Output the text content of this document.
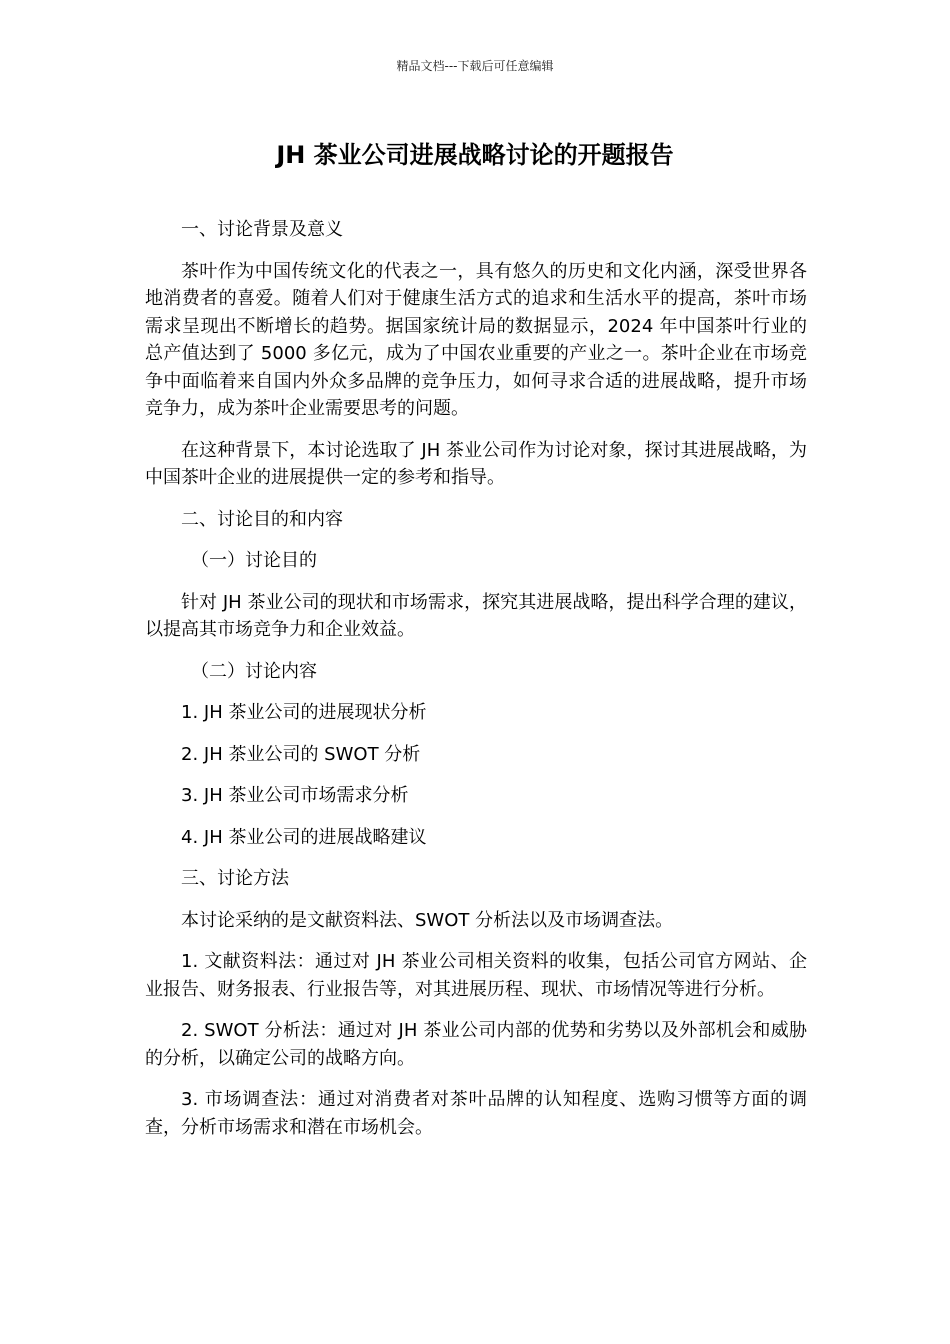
精品文档---下载后可任意编辑
JH 茶业公司进展战略讨论的开题报告

一、讨论背景及意义

茶叶作为中国传统文化的代表之一，具有悠久的历史和文化内涵，深受世界各地消费者的喜爱。随着人们对于健康生活方式的追求和生活水平的提高，茶叶市场需求呈现出不断增长的趋势。据国家统计局的数据显示，2024 年中国茶叶行业的总产值达到了 5000 多亿元，成为了中国农业重要的产业之一。茶叶企业在市场竞争中面临着来自国内外众多品牌的竞争压力，如何寻求合适的进展战略，提升市场竞争力，成为茶叶企业需要思考的问题。

在这种背景下，本讨论选取了 JH 茶业公司作为讨论对象，探讨其进展战略，为中国茶叶企业的进展提供一定的参考和指导。

二、讨论目的和内容

（一）讨论目的

针对 JH 茶业公司的现状和市场需求，探究其进展战略，提出科学合理的建议，以提高其市场竞争力和企业效益。

（二）讨论内容

1. JH 茶业公司的进展现状分析

2. JH 茶业公司的 SWOT 分析

3. JH 茶业公司市场需求分析

4. JH 茶业公司的进展战略建议

三、讨论方法

本讨论采纳的是文献资料法、SWOT 分析法以及市场调查法。

1. 文献资料法：通过对 JH 茶业公司相关资料的收集，包括公司官方网站、企业报告、财务报表、行业报告等，对其进展历程、现状、市场情况等进行分析。

2. SWOT 分析法：通过对 JH 茶业公司内部的优势和劣势以及外部机会和威胁的分析，以确定公司的战略方向。

3. 市场调查法：通过对消费者对茶叶品牌的认知程度、选购习惯等方面的调查，分析市场需求和潜在市场机会。
